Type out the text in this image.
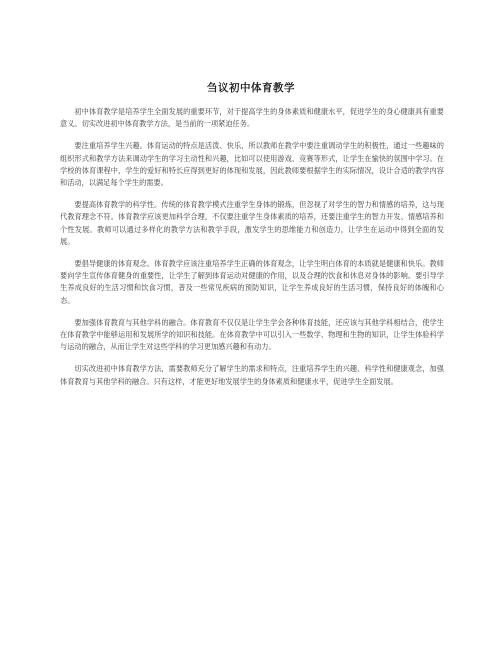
刍议初中体育教学

初中体育教学是培养学生全面发展的重要环节，对于提高学生的身体素质和健康水平，促进学生的身心健康具有重要意义。切实改进初中体育教学方法，是当前的一项紧迫任务。

要注重培养学生兴趣。体育运动的特点是活泼、快乐，所以教师在教学中要注重调动学生的积极性，通过一些趣味的组织形式和教学方法来调动学生的学习主动性和兴趣，比如可以使用游戏、竞赛等形式，让学生在愉快的氛围中学习。在学校的体育课程中，学生的爱好和特长应得到更好的体现和发展，因此教师要根据学生的实际情况，设计合适的教学内容和活动，以满足每个学生的需要。

要提高体育教学的科学性。传统的体育教学模式注重学生身体的锻炼，但忽视了对学生的智力和情感的培养，这与现代教育理念不符。体育教学应该更加科学合理，不仅要注重学生身体素质的培养，还要注重学生的智力开发、情感培养和个性发展。教师可以通过多样化的教学方法和教学手段，激发学生的思维能力和创造力，让学生在运动中得到全面的发展。

要倡导健康的体育观念。体育教学应该注重培养学生正确的体育观念，让学生明白体育的本质就是健康和快乐。教师要向学生宣传体育健身的重要性，让学生了解到体育运动对健康的作用，以及合理的饮食和休息对身体的影响。要引导学生养成良好的生活习惯和饮食习惯，普及一些常见疾病的预防知识，让学生养成良好的生活习惯，保持良好的体魄和心态。

要加强体育教育与其他学科的融合。体育教育不仅仅是让学生学会各种体育技能，还应该与其他学科相结合，使学生在体育教学中能够运用和发展所学的知识和技能。在体育教学中可以引入一些数学、物理和生物的知识，让学生体验科学与运动的融合，从而让学生对这些学科的学习更加感兴趣和有动力。

切实改进初中体育教学方法，需要教师充分了解学生的需求和特点，注重培养学生的兴趣、科学性和健康观念，加强体育教育与其他学科的融合。只有这样，才能更好地发展学生的身体素质和健康水平，促进学生全面发展。
